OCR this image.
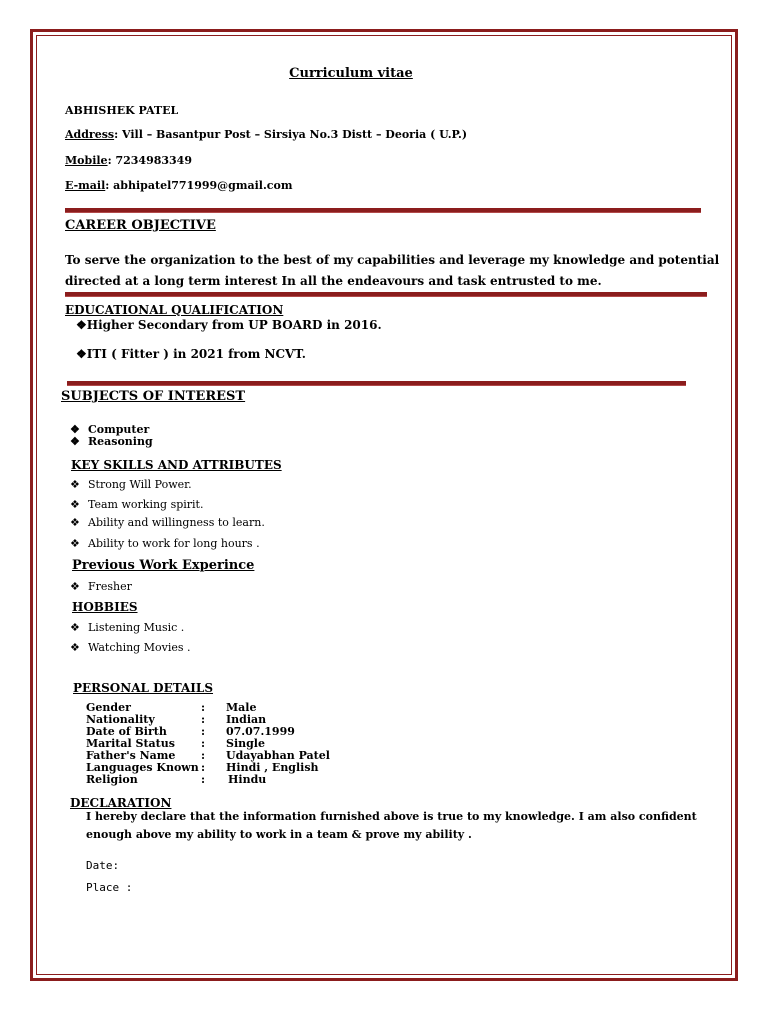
Curriculum vitae
ABHISHEK PATEL
Address: Vill – Basantpur Post – Sirsiya No.3 Distt – Deoria ( U.P.)
Mobile: 7234983349
E-mail: abhipatel771999@gmail.com
CAREER OBJECTIVE
To serve the organization to the best of my capabilities and leverage my knowledge and potential
directed at a long term interest In all the endeavours and task entrusted to me.
EDUCATIONAL QUALIFICATION
❖Higher Secondary from UP BOARD in 2016.
❖ITI ( Fitter ) in 2021 from NCVT.
SUBJECTS OF INTEREST
❖ Computer
❖ Reasoning
KEY SKILLS AND ATTRIBUTES
❖ Strong Will Power.
❖ Team working spirit.
❖ Ability and willingness to learn.
❖ Ability to work for long hours .
Previous Work Experince
❖ Fresher
HOBBIES
❖ Listening Music .
❖ Watching Movies .
PERSONAL DETAILS
Gender	: Male
Nationality	: Indian
Date of Birth	: 07.07.1999
Marital Status : Single
Father's Name : Udayabhan Patel
Languages Known : Hindi , English
Religion	: Hindu
DECLARATION
I hereby declare that the information furnished above is true to my knowledge. I am also confident
enough above my ability to work in a team & prove my ability .
Date:
Place :
